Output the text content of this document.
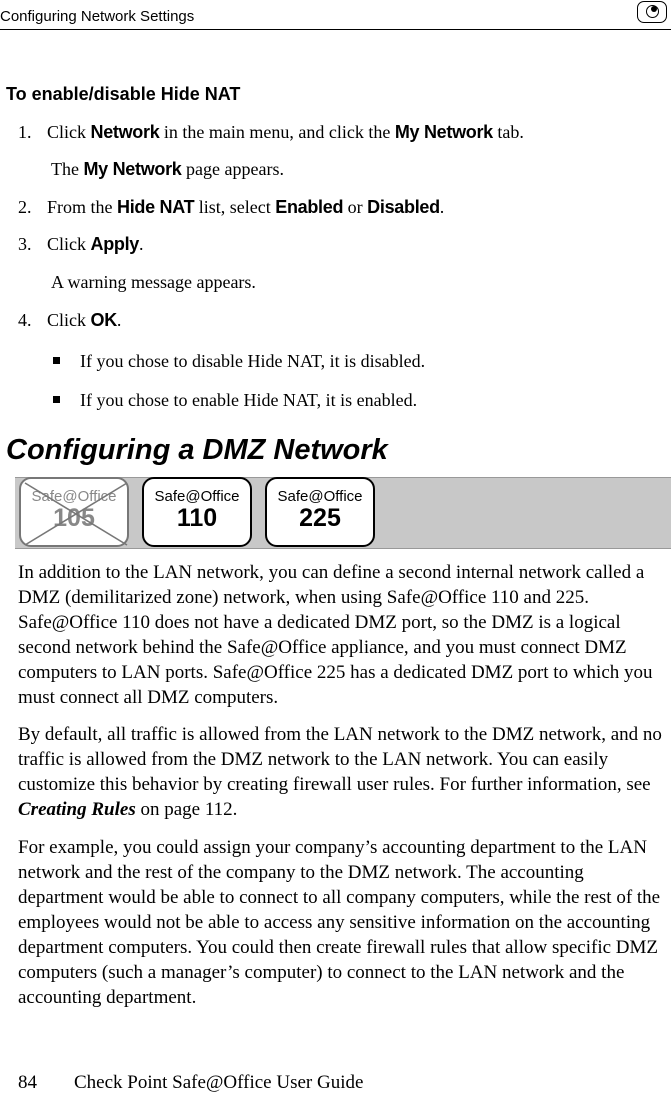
Configuring Network Settings
To enable/disable Hide NAT
1. Click Network in the main menu, and click the My Network tab.
The My Network page appears.
2. From the Hide NAT list, select Enabled or Disabled.
3. Click Apply.
A warning message appears.
4. Click OK.
If you chose to disable Hide NAT, it is disabled.
If you chose to enable Hide NAT, it is enabled.
Configuring a DMZ Network
Safe@Office
105
Safe@Office
110
Safe@Office
225
In addition to the LAN network, you can define a second internal network called a DMZ (demilitarized zone) network, when using Safe@Office 110 and 225. Safe@Office 110 does not have a dedicated DMZ port, so the DMZ is a logical second network behind the Safe@Office appliance, and you must connect DMZ computers to LAN ports. Safe@Office 225 has a dedicated DMZ port to which you must connect all DMZ computers.
By default, all traffic is allowed from the LAN network to the DMZ network, and no traffic is allowed from the DMZ network to the LAN network. You can easily customize this behavior by creating firewall user rules. For further information, see Creating Rules on page 112.
For example, you could assign your company’s accounting department to the LAN network and the rest of the company to the DMZ network. The accounting department would be able to connect to all company computers, while the rest of the employees would not be able to access any sensitive information on the accounting department computers. You could then create firewall rules that allow specific DMZ computers (such a manager’s computer) to connect to the LAN network and the accounting department.
84 Check Point Safe@Office User Guide
